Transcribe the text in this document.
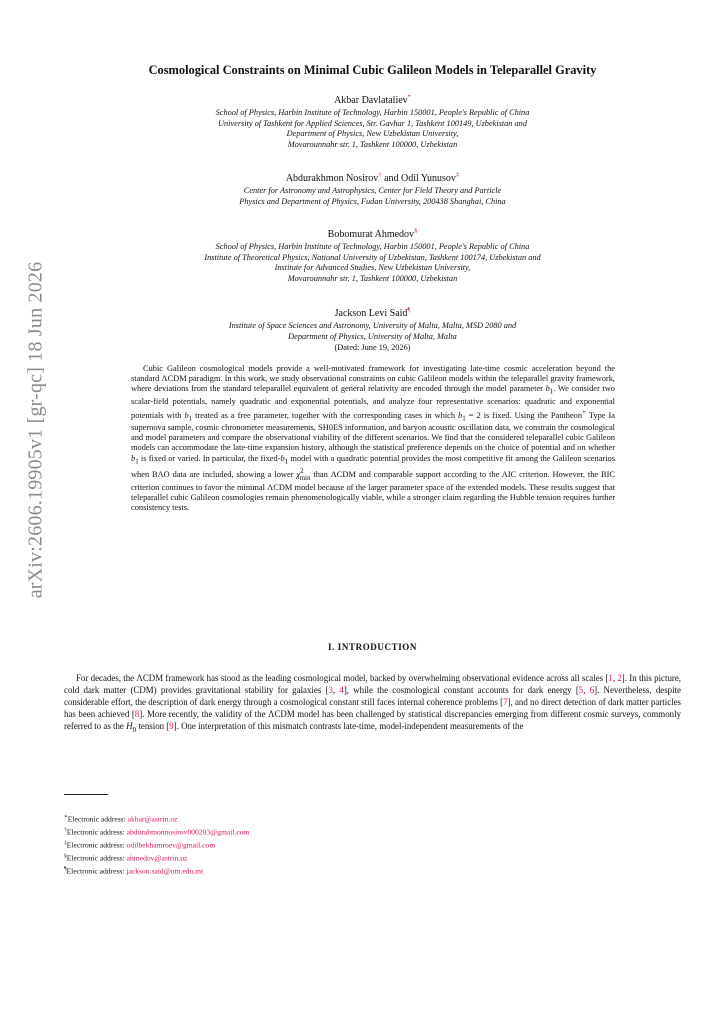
arXiv:2606.19905v1 [gr-qc] 18 Jun 2026
Cosmological Constraints on Minimal Cubic Galileon Models in Teleparallel Gravity
Akbar Davlataliev*
School of Physics, Harbin Institute of Technology, Harbin 150001, People's Republic of China
University of Tashkent for Applied Sciences, Str. Gavhar 1, Tashkent 100149, Uzbekistan and
Department of Physics, New Uzbekistan University,
Movarounnahr str. 1, Tashkent 100000, Uzbekistan
Abdurakhmon Nosirov† and Odil Yunusov‡
Center for Astronomy and Astrophysics, Center for Field Theory and Particle
Physics and Department of Physics, Fudan University, 200438 Shanghai, China
Bobomurat Ahmedov§
School of Physics, Harbin Institute of Technology, Harbin 150001, People's Republic of China
Institute of Theoretical Physics, National University of Uzbekistan, Tashkent 100174, Uzbekistan and
Institute for Advanced Studies, New Uzbekistan University,
Movarounnahr str. 1, Tashkent 100000, Uzbekistan
Jackson Levi Said¶
Institute of Space Sciences and Astronomy, University of Malta, Malta, MSD 2080 and
Department of Physics, University of Malta, Malta
(Dated: June 19, 2026)

Cubic Galileon cosmological models provide a well-motivated framework for investigating late-time cosmic acceleration beyond the standard ΛCDM paradigm. In this work, we study observational constraints on cubic Galileon models within the teleparallel gravity framework, where deviations from the standard teleparallel equivalent of general relativity are encoded through the model parameter $b_1$. We consider two scalar-field potentials, namely quadratic and exponential potentials, and analyze four representative scenarios: quadratic and exponential potentials with $b_1$ treated as a free parameter, together with the corresponding cases in which $b_1 = 2$ is fixed. Using the Pantheon+ Type Ia supernova sample, cosmic chronometer measurements, SH0ES information, and baryon acoustic oscillation data, we constrain the cosmological and model parameters and compare the observational viability of the different scenarios. We find that the considered teleparallel cubic Galileon models can accommodate the late-time expansion history, although the statistical preference depends on the choice of potential and on whether $b_1$ is fixed or varied. In particular, the fixed-$b_1$ model with a quadratic potential provides the most competitive fit among the Galileon scenarios when BAO data are included, showing a lower $\chi^2_{min}$ than ΛCDM and comparable support according to the AIC criterion. However, the BIC criterion continues to favor the minimal ΛCDM model because of the larger parameter space of the extended models. These results suggest that teleparallel cubic Galileon cosmologies remain phenomenologically viable, while a stronger claim regarding the Hubble tension requires further consistency tests.

I. INTRODUCTION

For decades, the ΛCDM framework has stood as the leading cosmological model, backed by overwhelming observational evidence across all scales [1, 2]. In this picture, cold dark matter (CDM) provides gravitational stability for galaxies [3, 4], while the cosmological constant accounts for dark energy [5, 6]. Nevertheless, despite considerable effort, the description of dark energy through a cosmological constant still faces internal coherence problems [7], and no direct detection of dark matter particles has been achieved [8]. More recently, the validity of the ΛCDM model has been challenged by statistical discrepancies emerging from different cosmic surveys, commonly referred to as the $H_0$ tension [9]. One interpretation of this mismatch contrasts late-time, model-independent measurements of the

∗Electronic address: akbar@astrin.uz
†Electronic address: abdurahmonnosirov000203@gmail.com
‡Electronic address: odilbekhamroev@gmail.com
§Electronic address: ahmedov@astrin.uz
¶Electronic address: jackson.said@um.edu.mt
